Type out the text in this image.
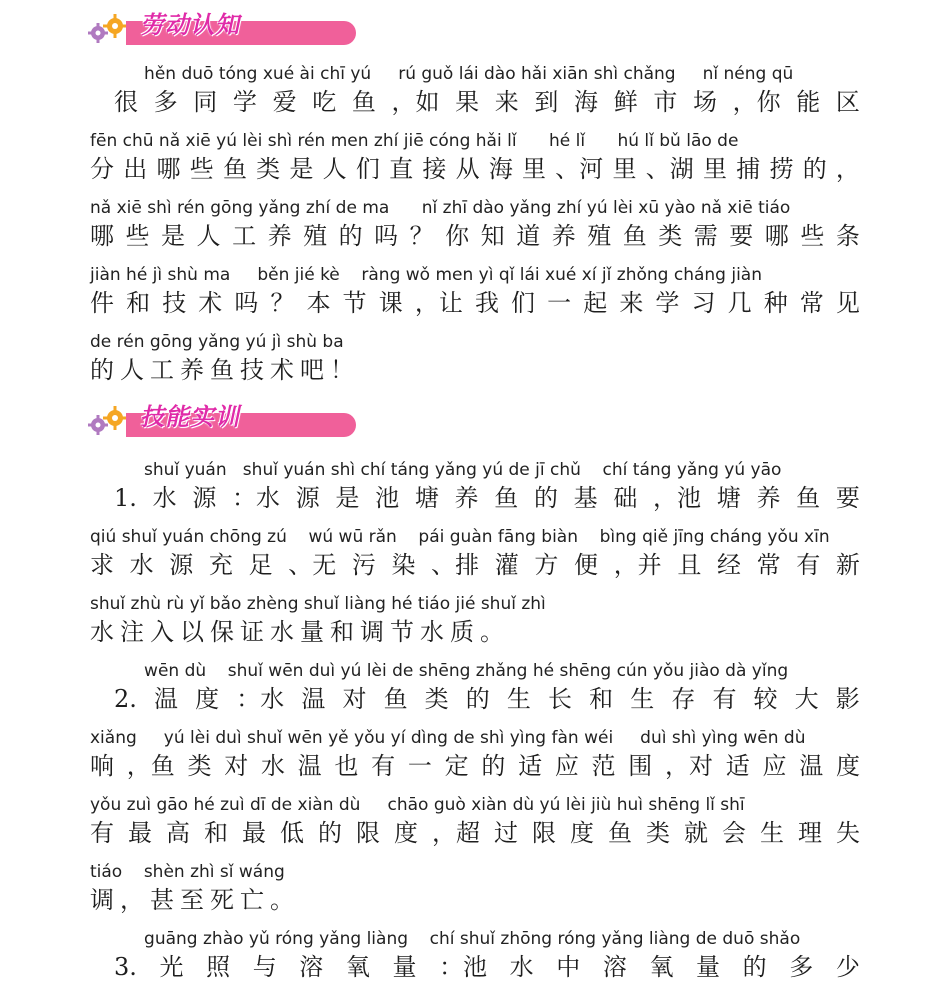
劳动认知
hěn duō tóng xué ài chī yú     rú guǒ lái dào hǎi xiān shì chǎng     nǐ néng qū
　很 多 同 学 爱 吃 鱼 ，如 果 来 到 海 鲜 市 场 ，你 能 区
fēn chū nǎ xiē yú lèi shì rén men zhí jiē cóng hǎi lǐ      hé lǐ      hú lǐ bǔ lāo de
分 出 哪 些 鱼 类 是 人 们 直 接 从 海 里 、河 里 、湖 里 捕 捞 的 ，
nǎ xiē shì rén gōng yǎng zhí de ma      nǐ zhī dào yǎng zhí yú lèi xū yào nǎ xiē tiáo
哪 些 是 人 工 养 殖 的 吗 ？ 你 知 道 养 殖 鱼 类 需 要 哪 些 条
jiàn hé jì shù ma     běn jié kè    ràng wǒ men yì qǐ lái xué xí jǐ zhǒng cháng jiàn
件 和 技 术 吗 ？ 本 节 课 ，让 我 们 一 起 来 学 习 几 种 常 见
de rén gōng yǎng yú jì shù ba
的 人 工 养 鱼 技 术 吧 ！
技能实训
shuǐ yuán   shuǐ yuán shì chí táng yǎng yú de jī chǔ    chí táng yǎng yú yāo
　1. 水 源 ：水 源 是 池 塘 养 鱼 的 基 础 ，池 塘 养 鱼 要
qiú shuǐ yuán chōng zú    wú wū rǎn    pái guàn fāng biàn    bìng qiě jīng cháng yǒu xīn
求 水 源 充 足 、无 污 染 、排 灌 方 便 ，并 且 经 常 有 新
shuǐ zhù rù yǐ bǎo zhèng shuǐ liàng hé tiáo jié shuǐ zhì
水 注 入 以 保 证 水 量 和 调 节 水 质 。
wēn dù    shuǐ wēn duì yú lèi de shēng zhǎng hé shēng cún yǒu jiào dà yǐng
　2. 温 度 ：水 温 对 鱼 类 的 生 长 和 生 存 有 较 大 影
xiǎng     yú lèi duì shuǐ wēn yě yǒu yí dìng de shì yìng fàn wéi     duì shì yìng wēn dù
响 ，鱼 类 对 水 温 也 有 一 定 的 适 应 范 围 ，对 适 应 温 度
yǒu zuì gāo hé zuì dī de xiàn dù     chāo guò xiàn dù yú lèi jiù huì shēng lǐ shī
有 最 高 和 最 低 的 限 度 ，超 过 限 度 鱼 类 就 会 生 理 失
tiáo    shèn zhì sǐ wáng
调 ，甚 至 死 亡 。
guāng zhào yǔ róng yǎng liàng    chí shuǐ zhōng róng yǎng liàng de duō shǎo
　3. 光 照 与 溶 氧 量 ：池 水 中 溶 氧 量 的 多 少
